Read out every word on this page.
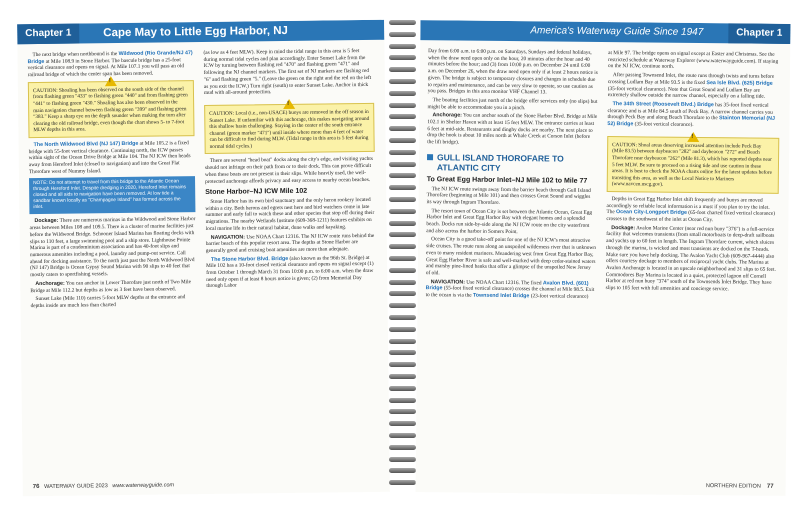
Chapter 1	Cape May to Little Egg Harbor, NJ

The next bridge when northbound is the Wildwood (Rio Grande/NJ 47) Bridge at Mile 108.9 in Stone Harbor. The bascule bridge has a 25-foot vertical clearance and opens on signal. At Mile 107.1 you will pass an old railroad bridge of which the center span has been removed.

!
CAUTION: Shoaling has been observed on the south side of the channel from flashing green "433" to flashing green "440" and from flashing green "441" to flashing green "430." Shoaling has also been observed in the main navigation channel between flashing green "399" and flashing green "383." Keep a sharp eye on the depth sounder when making the turn after clearing the old railroad bridge, even though the chart shows 5- to 7-foot MLW depths in this area.

The North Wildwood Blvd (NJ 147) Bridge at Mile 105.2 is a fixed bridge with 55-foot vertical clearance. Continuing north, the ICW passes within sight of the Ocean Drive Bridge at Mile 104. The NJ ICW then heads away from Hereford Inlet (closed to navigation) and into the Great Flat Thorofare west of Nummy Island.

NOTE: Do not attempt to travel from this bridge to the Atlantic Ocean through Hereford Inlet. Despite dredging in 2020, Hereford Inlet remains closed and all aids to navigation have been removed. At low tide a sandbar known locally as "Champagne Island" has formed across the inlet.

Dockage: There are numerous marinas in the Wildwood and Stone Harbor areas between Miles 108 and 109.5. There is a cluster of marine facilities just before the Wildwood Bridge. Schooner Island Marina has floating docks with slips to 110 feet, a large swimming pool and a ship store. Lighthouse Pointe Marina is part of a condominium association and has 40-foot slips and numerous amenities including a pool, laundry and pump-out service. Call ahead for docking assistance. To the north just past the North Wildwood Blvd (NJ 147) Bridge is Ocean Gypsy Sound Marina with 90 slips to 40 feet that mostly caters to sportfishing vessels.

Anchorage: You can anchor in Lower Thorofare just north of Two Mile Bridge at Mile 112.2 but depths as low as 3 feet have been observed.

Sunset Lake (Mile 110) carries 5-foot MLW depths at the entrance and depths inside are much less than charted

(as low as 4 feet MLW). Keep in mind the tidal range in this area is 5 feet during normal tidal cycles and plan accordingly. Enter Sunset Lake from the ICW by turning between flashing red "470" and flashing green "471" and following the NJ channel markers. The first set of NJ markers are flashing red "6" and flashing green "5." (Leave the green on the right and the red on the left as you exit the ICW.) Turn right (south) to enter Sunset Lake. Anchor in thick mud with all-around protection.

!
CAUTION: Local (i.e., non-USACE) buoys are removed in the off season in Sunset Lake. If unfamiliar with this anchorage, this makes navigating around this shallow basin challenging. Staying in the center of the south entrance channel (green marker "471") until inside where more than 4 feet of water can be difficult to find during MLW. (Tidal range in this area is 5 feet during normal tidal cycles.)

There are several "head boat" docks along the city's edge, and visiting yachts should not infringe on their path from or to their dock. This can prove difficult when these boats are not present in their slips. While heavily used, the well-protected anchorage affords privacy and easy access to nearby ocean beaches.

Stone Harbor–NJ ICW Mile 102

Stone Harbor has its own bird sanctuary and the only heron rookery located within a city. Both herons and egrets nest here and bird watchers come in late summer and early fall to watch these and other species that stop off during their migrations. The nearby Wetlands Institute (609-368-1211) features exhibits on local marine life in their natural habitat, dune walks and kayaking.

NAVIGATION: Use NOAA Chart 12316. The NJ ICW route runs behind the barrier beach of this popular resort area. The depths at Stone Harbor are generally good and cruising boat amenities are more than adequate.

The Stone Harbor Blvd. Bridge (also known as the 96th St. Bridge) at Mile 102 has a 10-foot closed vertical clearance and opens on signal except (1) from October 1 through March 31 from 10:00 p.m. to 6:00 a.m. when the draw need only open if at least 8 hours notice is given; (2) from Memorial Day through Labor

76 WATERWAY GUIDE 2023 www.waterwayguide.com
America's Waterway Guide Since 1947	Chapter 1

Day from 6:00 a.m. to 6:00 p.m. on Saturdays, Sundays and federal holidays, when the draw need open only on the hour, 20 minutes after the hour and 40 minutes before the hour; and (3) from 10:00 p.m. on December 24 until 6:00 a.m. on December 26, when the draw need open only if at least 2 hours notice is given. The bridge is subject to temporary closures and changes in schedule due to repairs and maintenance, and can be very slow to operate, so use caution as you pass. Bridges in this area monitor VHF Channel 13.

The boating facilities just north of the bridge offer services only (no slips) but might be able to accommodate you in a pinch.

Anchorage: You can anchor south of the Stone Harbor Blvd. Bridge at Mile 102.1 in Shelter Haven with at least 15 feet MLW. The entrance carries at least 6 feet at mid-side. Restaurants and dinghy docks are nearby. The next place to drop the hook is about 10 miles north at Whale Creek at Corson Inlet (before the lift bridge).

GULL ISLAND THOROFARE TO ATLANTIC CITY
To Great Egg Harbor Inlet–NJ Mile 102 to Mile 77

The NJ ICW route swings away from the barrier beach through Gull Island Thorofare (beginning at Mile 101) and then crosses Great Sound and wiggles its way through Ingram Thorofare.

The resort town of Ocean City is set between the Atlantic Ocean, Great Egg Harbor Inlet and Great Egg Harbor Bay with elegant homes and a splendid beach. Docks run side-by-side along the NJ ICW route on the city waterfront and also across the harbor in Somers Point.

Ocean City is a good take-off point for one of the NJ ICW's most attractive side cruises. The route runs along an unspoiled wilderness river that is unknown even to many resident mariners. Meandering west from Great Egg Harbor Bay, Great Egg Harbor River is safe and well-marked with deep cedar-stained waters and marshy pine-lined banks that offer a glimpse of the unspoiled New Jersey of old.

NAVIGATION: Use NOAA Chart 12316. The fixed Avalon Blvd. (601) Bridge (55-foot fixed vertical clearance) crosses the channel at Mile 98.5. Exit to the ocean is via the Townsend Inlet Bridge (23-foot vertical clearance)

at Mile 97. The bridge opens on signal except at Easter and Christmas. See the restricted schedule at Waterway Explorer (www.waterwayguide.com). If staying on the NJ ICW, continue north.

After passing Townsend Inlet, the route runs through twists and turns before crossing Ludlam Bay at Mile 93.5 is the fixed Sea Isle Blvd. (625) Bridge (35-foot vertical clearance). Note that Great Sound and Ludlam Bay are extremely shallow outside the narrow channel, especially on a falling tide.

The 34th Street (Roosevelt Blvd.) Bridge has 35-foot fixed vertical clearance and is at Mile 84.5 south of Peck Bay. A narrow channel carries you through Peck Bay and along Beach Thorofare to the Stainton Memorial (NJ 52) Bridge (35-foot vertical clearance).

!
CAUTION: Shoal areas deserving increased attention include Peck Bay (Mile 83.5) between daybeacon "282" and daybeacon "272" and Beach Thorofare near daybeacon "262" (Mile 81.3), which has reported depths near 5 feet MLW. Be sure to proceed on a rising tide and use caution in these areas. It is best to check the NOAA charts online for the latest updates before transiting this area, as well as the Local Notice to Mariners (www.navcen.uscg.gov).

Depths in Great Egg Harbor Inlet shift frequently and buoys are moved accordingly so reliable local information is a must if you plan to try the inlet. The Ocean City-Longport Bridge (65-foot charted fixed vertical clearance) crosses to the southwest of the inlet at Ocean City.

Dockage: Avalon Marine Center (near red nun buoy "376") is a full-service facility that welcomes transients (from small motorboats to deep-draft sailboats and yachts up to 60 feet in length. The Ingram Thorofare current, which sluices through the marina, is wicked and most transients are docked on the T-heads. Make sure you have help docking. The Avalon Yacht Club (609-967-4444) also offers courtesy dockage to members of reciprocal yacht clubs. The Marina at Avalon Anchorage is located in an upscale neighborhood and 31 slips to 65 feet. Commodores Bay Marina is located in a quiet, protected lagoon off Cornell Harbor at red nun buoy "374" south of the Townsends Inlet Bridge. They have slips to 105 feet with full amenities and concierge service.

NORTHERN EDITION 77
